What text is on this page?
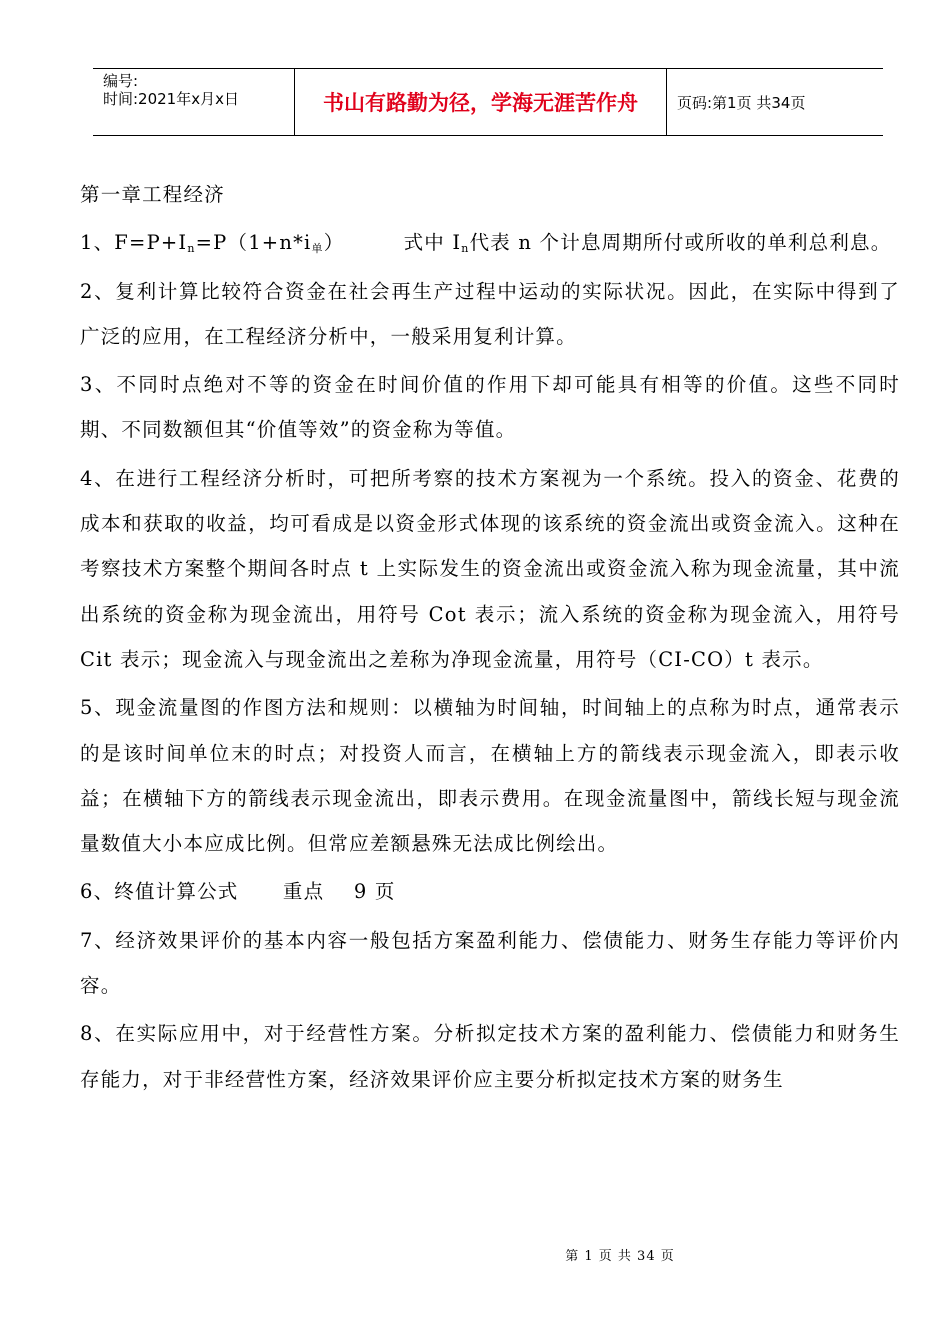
编号:
时间:2021年x月x日	书山有路勤为径，学海无涯苦作舟	页码:第1页 共34页
第一章工程经济

1、$F=P+I_n=P(1+n*i_单)$        式中 $I_n$代表 n 个计息周期所付或所收的单利总利息。

2、复利计算比较符合资金在社会再生产过程中运动的实际状况。因此，在实际中得到了广泛的应用，在工程经济分析中，一般采用复利计算。

3、不同时点绝对不等的资金在时间价值的作用下却可能具有相等的价值。这些不同时期、不同数额但其“价值等效”的资金称为等值。

4、在进行工程经济分析时，可把所考察的技术方案视为一个系统。投入的资金、花费的成本和获取的收益，均可看成是以资金形式体现的该系统的资金流出或资金流入。这种在考察技术方案整个期间各时点 t 上实际发生的资金流出或资金流入称为现金流量，其中流出系统的资金称为现金流出，用符号 Cot 表示；流入系统的资金称为现金流入，用符号 Cit 表示；现金流入与现金流出之差称为净现金流量，用符号（CI-CO）t 表示。

5、现金流量图的作图方法和规则：以横轴为时间轴，时间轴上的点称为时点，通常表示的是该时间单位末的时点；对投资人而言，在横轴上方的箭线表示现金流入，即表示收益；在横轴下方的箭线表示现金流出，即表示费用。在现金流量图中，箭线长短与现金流量数值大小本应成比例。但常应差额悬殊无法成比例绘出。

6、终值计算公式      重点    9 页

7、经济效果评价的基本内容一般包括方案盈利能力、偿债能力、财务生存能力等评价内容。

8、在实际应用中，对于经营性方案。分析拟定技术方案的盈利能力、偿债能力和财务生存能力，对于非经营性方案，经济效果评价应主要分析拟定技术方案的财务生

第 1 页 共 34 页
